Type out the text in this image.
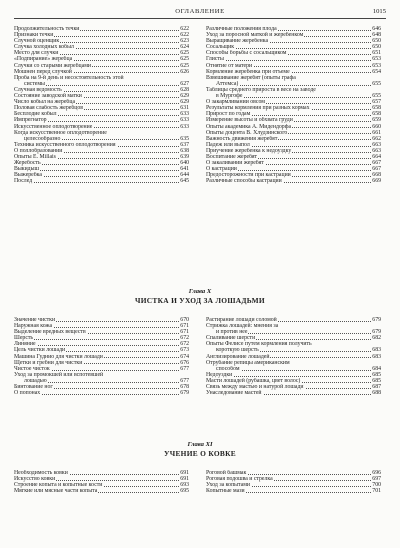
ОГЛАВЛЕНИЕ	1015
Продолжительность течки	622
Признаки течки	622
Случной оценщик	623
Случка холодных кобыл	624
Место для случки	625
«Подпирание» жеребца	625
Случки со старыми жеребцами	625
Мошнен перед случкой	626
Проба на 9-й день и несостоятельность этой
системы	627
Случная ведомость	628
Состояние заводской матки	629
Число кобыл на жеребца	629
Половая слабость жеребцов	631
Бесплодие кобыл	633
Импрегнатор	633
Искусственное оплодотворение	633
Когда искусственное оплодотворение
целесообразно	635
Техника искусственного оплодотворения	637
О поллобразовании	638
Опыты E. Millais	639
Жеребость	640
Выкидыш	641
Выжеребка	644
Послед	645
Различные положения плода	646
Уход за поросной маткой и жеребенком	648
Выращивание жеребенка	650
Сосальщик	650
Способы борьбы с сосальщиком	651
Глисты	653
Отнятие от матери	653
Кормление жеребенка при отъеме	654
Взвешивание жеребят (опыты графа
Аттемса)	655
Таблицы среднего прироста в весе на заводе
в Мургофе	655
О закармливании овсом	657
Результаты кормления при разных кормах	658
Прирост по годам	658
Измерение высоты и обхвата груди	659
Опыты академика А. Мидендорфа	660
Опыты доцента В. Хлудзинского	661
Важность движения жеребят	662
Падеж или выпол	663
Приучение жеребенка к недоуздку	663
Воспитание жеребят	664
О закаливании жеребят	667
О кастрации	667
Предосторожности при кастрации	668
Различные способы кастрации	669
Глава X
ЧИСТКА И УХОД ЗА ЛОШАДЬМИ
Значение чистки	670
Наружная кожа	671
Выделение вредных веществ	671
Шерсть	672
Линяние	672
Цель чистки лошади	673
Машина Гуднио для чистки лошади	674
Щетки и гребни для чистки	676
Чистое чисток	677
Уход за промокшей или вспотевшей
лошадью	677
Бинтование ног	678
О попонах	679
Растирание лошади соломой	679
Стрижка лошадей: мнения за
и против нее	679
Спаливание шерсти	682
Опыты Фелисе путем кормления получить
короткую шерсть	683
Англизирование лошадей	683
Отрубание репицы американским
способом	684
Недоуздки	685
Масти лошадей (рубашка, цвет волос)	685
Связь между мастью и натурой лошади	687
Унаследование мастей	688
Глава XI
УЧЕНИЕ О КОВКЕ
Необходимость ковки	691
Искусство ковки	691
Строение копыта и копытные кости	693
Мягкие или мясные части копыта	695
Роговой башмак	696
Роговая подошва и стрелка	697
Уход за копытами	700
Копытные мази	701
